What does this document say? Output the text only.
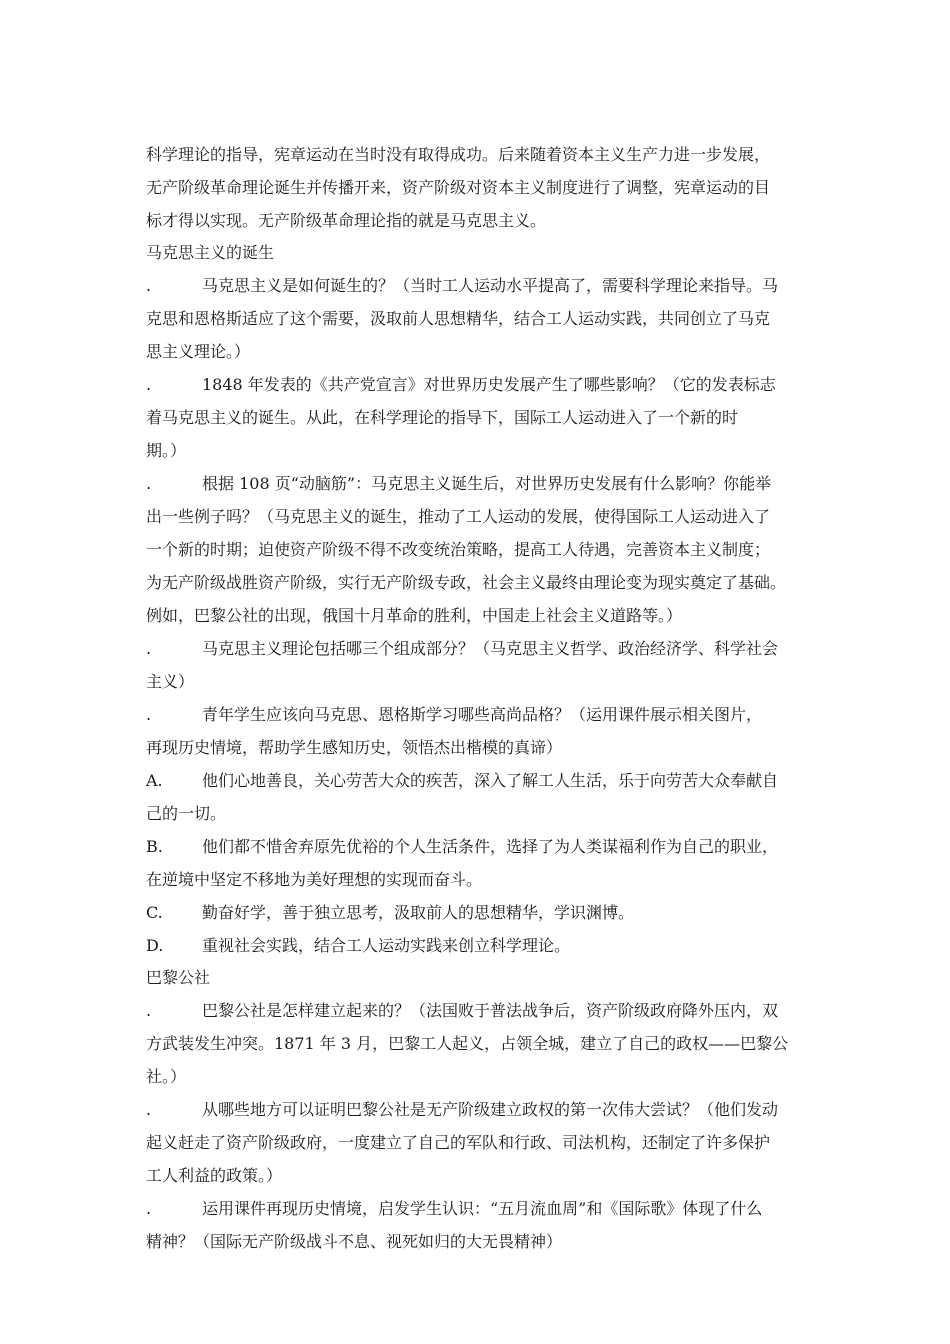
科学理论的指导，宪章运动在当时没有取得成功。后来随着资本主义生产力进一步发展，
无产阶级革命理论诞生并传播开来，资产阶级对资本主义制度进行了调整，宪章运动的目
标才得以实现。无产阶级革命理论指的就是马克思主义。
马克思主义的诞生
.	马克思主义是如何诞生的？（当时工人运动水平提高了，需要科学理论来指导。马
克思和恩格斯适应了这个需要，汲取前人思想精华，结合工人运动实践，共同创立了马克
思主义理论。）
.	1848 年发表的《共产党宣言》对世界历史发展产生了哪些影响？（它的发表标志
着马克思主义的诞生。从此，在科学理论的指导下，国际工人运动进入了一个新的时
期。）
.	根据 108 页“动脑筋”：马克思主义诞生后，对世界历史发展有什么影响？你能举
出一些例子吗？（马克思主义的诞生，推动了工人运动的发展，使得国际工人运动进入了
一个新的时期；迫使资产阶级不得不改变统治策略，提高工人待遇，完善资本主义制度；
为无产阶级战胜资产阶级，实行无产阶级专政，社会主义最终由理论变为现实奠定了基础。
例如，巴黎公社的出现，俄国十月革命的胜利，中国走上社会主义道路等。）
.	马克思主义理论包括哪三个组成部分？（马克思主义哲学、政治经济学、科学社会
主义）
.	青年学生应该向马克思、恩格斯学习哪些高尚品格？（运用课件展示相关图片，
再现历史情境，帮助学生感知历史，领悟杰出楷模的真谛）
A. 他们心地善良，关心劳苦大众的疾苦，深入了解工人生活，乐于向劳苦大众奉献自
己的一切。
B. 他们都不惜舍弃原先优裕的个人生活条件，选择了为人类谋福利作为自己的职业，
在逆境中坚定不移地为美好理想的实现而奋斗。
C. 勤奋好学，善于独立思考，汲取前人的思想精华，学识渊博。
D. 重视社会实践，结合工人运动实践来创立科学理论。
巴黎公社
.	巴黎公社是怎样建立起来的？（法国败于普法战争后，资产阶级政府降外压内，双
方武装发生冲突。1871 年 3 月，巴黎工人起义，占领全城，建立了自己的政权——巴黎公
社。）
.	从哪些地方可以证明巴黎公社是无产阶级建立政权的第一次伟大尝试？（他们发动
起义赶走了资产阶级政府，一度建立了自己的军队和行政、司法机构，还制定了许多保护
工人利益的政策。）
.	运用课件再现历史情境，启发学生认识：“五月流血周”和《国际歌》体现了什么
精神？（国际无产阶级战斗不息、视死如归的大无畏精神）
